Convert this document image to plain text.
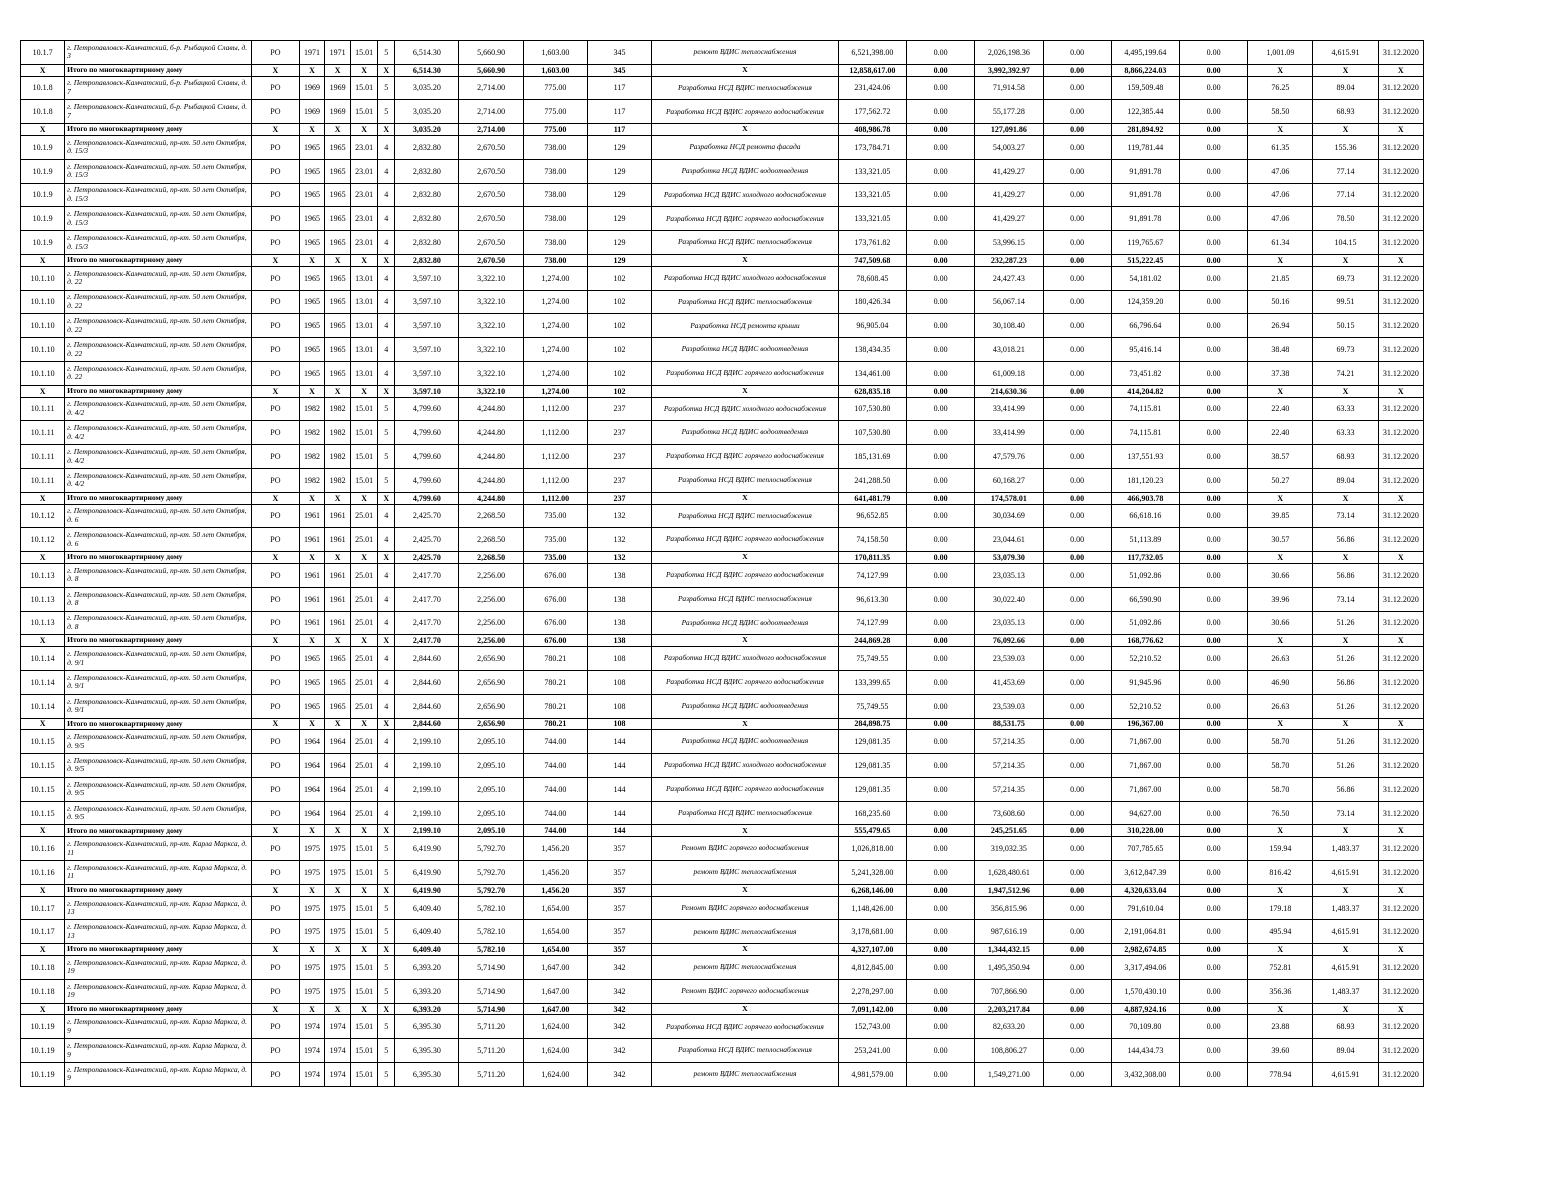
10.1.7	г. Петропавловск-Камчатский, б-р. Рыбацкой Славы, д. 3	РО	1971	1971	15.01	5	6,514.30	5,660.90	1,603.00	345	ремонт ВДИС теплоснабжения	6,521,398.00	0.00	2,026,198.36	0.00	4,495,199.64	0.00	1,001.09	4,615.91	31.12.2020
X	Итого по многоквартирному дому	X	X	X	X	X	6,514.30	5,660.90	1,603.00	345	X	12,858,617.00	0.00	3,992,392.97	0.00	8,866,224.03	0.00	X	X	X
10.1.8	г. Петропавловск-Камчатский, б-р. Рыбацкой Славы, д. 7	РО	1969	1969	15.01	5	3,035.20	2,714.00	775.00	117	Разработка НСД ВДИС теплоснабжения	231,424.06	0.00	71,914.58	0.00	159,509.48	0.00	76.25	89.04	31.12.2020
10.1.8	г. Петропавловск-Камчатский, б-р. Рыбацкой Славы, д. 7	РО	1969	1969	15.01	5	3,035.20	2,714.00	775.00	117	Разработка НСД ВДИС горячего водоснабжения	177,562.72	0.00	55,177.28	0.00	122,385.44	0.00	58.50	68.93	31.12.2020
X	Итого по многоквартирному дому	X	X	X	X	X	3,035.20	2,714.00	775.00	117	X	408,986.78	0.00	127,091.86	0.00	281,894.92	0.00	X	X	X
10.1.9	г. Петропавловск-Камчатский, пр-кт. 50 лет Октября, д. 15/3	РО	1965	1965	23.01	4	2,832.80	2,670.50	738.00	129	Разработка НСД ремонта фасада	173,784.71	0.00	54,003.27	0.00	119,781.44	0.00	61.35	155.36	31.12.2020
10.1.9	г. Петропавловск-Камчатский, пр-кт. 50 лет Октября, д. 15/3	РО	1965	1965	23.01	4	2,832.80	2,670.50	738.00	129	Разработка НСД ВДИС водоотведения	133,321.05	0.00	41,429.27	0.00	91,891.78	0.00	47.06	77.14	31.12.2020
10.1.9	г. Петропавловск-Камчатский, пр-кт. 50 лет Октября, д. 15/3	РО	1965	1965	23.01	4	2,832.80	2,670.50	738.00	129	Разработка НСД ВДИС холодного водоснабжения	133,321.05	0.00	41,429.27	0.00	91,891.78	0.00	47.06	77.14	31.12.2020
10.1.9	г. Петропавловск-Камчатский, пр-кт. 50 лет Октября, д. 15/3	РО	1965	1965	23.01	4	2,832.80	2,670.50	738.00	129	Разработка НСД ВДИС горячего водоснабжения	133,321.05	0.00	41,429.27	0.00	91,891.78	0.00	47.06	78.50	31.12.2020
10.1.9	г. Петропавловск-Камчатский, пр-кт. 50 лет Октября, д. 15/3	РО	1965	1965	23.01	4	2,832.80	2,670.50	738.00	129	Разработка НСД ВДИС теплоснабжения	173,761.82	0.00	53,996.15	0.00	119,765.67	0.00	61.34	104.15	31.12.2020
X	Итого по многоквартирному дому	X	X	X	X	X	2,832.80	2,670.50	738.00	129	X	747,509.68	0.00	232,287.23	0.00	515,222.45	0.00	X	X	X
10.1.10	г. Петропавловск-Камчатский, пр-кт. 50 лет Октября, д. 22	РО	1965	1965	13.01	4	3,597.10	3,322.10	1,274.00	102	Разработка НСД ВДИС холодного водоснабжения	78,608.45	0.00	24,427.43	0.00	54,181.02	0.00	21.85	69.73	31.12.2020
10.1.10	г. Петропавловск-Камчатский, пр-кт. 50 лет Октября, д. 22	РО	1965	1965	13.01	4	3,597.10	3,322.10	1,274.00	102	Разработка НСД ВДИС теплоснабжения	180,426.34	0.00	56,067.14	0.00	124,359.20	0.00	50.16	99.51	31.12.2020
10.1.10	г. Петропавловск-Камчатский, пр-кт. 50 лет Октября, д. 22	РО	1965	1965	13.01	4	3,597.10	3,322.10	1,274.00	102	Разработка НСД ремонта крыши	96,905.04	0.00	30,108.40	0.00	66,796.64	0.00	26.94	50.15	31.12.2020
10.1.10	г. Петропавловск-Камчатский, пр-кт. 50 лет Октября, д. 22	РО	1965	1965	13.01	4	3,597.10	3,322.10	1,274.00	102	Разработка НСД ВДИС водоотведения	138,434.35	0.00	43,018.21	0.00	95,416.14	0.00	38.48	69.73	31.12.2020
10.1.10	г. Петропавловск-Камчатский, пр-кт. 50 лет Октября, д. 22	РО	1965	1965	13.01	4	3,597.10	3,322.10	1,274.00	102	Разработка НСД ВДИС горячего водоснабжения	134,461.00	0.00	61,009.18	0.00	73,451.82	0.00	37.38	74.21	31.12.2020
X	Итого по многоквартирному дому	X	X	X	X	X	3,597.10	3,322.10	1,274.00	102	X	628,835.18	0.00	214,630.36	0.00	414,204.82	0.00	X	X	X
10.1.11	г. Петропавловск-Камчатский, пр-кт. 50 лет Октября, д. 4/2	РО	1982	1982	15.01	5	4,799.60	4,244.80	1,112.00	237	Разработка НСД ВДИС холодного водоснабжения	107,530.80	0.00	33,414.99	0.00	74,115.81	0.00	22.40	63.33	31.12.2020
10.1.11	г. Петропавловск-Камчатский, пр-кт. 50 лет Октября, д. 4/2	РО	1982	1982	15.01	5	4,799.60	4,244.80	1,112.00	237	Разработка НСД ВДИС водоотведения	107,530.80	0.00	33,414.99	0.00	74,115.81	0.00	22.40	63.33	31.12.2020
10.1.11	г. Петропавловск-Камчатский, пр-кт. 50 лет Октября, д. 4/2	РО	1982	1982	15.01	5	4,799.60	4,244.80	1,112.00	237	Разработка НСД ВДИС горячего водоснабжения	185,131.69	0.00	47,579.76	0.00	137,551.93	0.00	38.57	68.93	31.12.2020
10.1.11	г. Петропавловск-Камчатский, пр-кт. 50 лет Октября, д. 4/2	РО	1982	1982	15.01	5	4,799.60	4,244.80	1,112.00	237	Разработка НСД ВДИС теплоснабжения	241,288.50	0.00	60,168.27	0.00	181,120.23	0.00	50.27	89.04	31.12.2020
X	Итого по многоквартирному дому	X	X	X	X	X	4,799.60	4,244.80	1,112.00	237	X	641,481.79	0.00	174,578.01	0.00	466,903.78	0.00	X	X	X
10.1.12	г. Петропавловск-Камчатский, пр-кт. 50 лет Октября, д. 6	РО	1961	1961	25.01	4	2,425.70	2,268.50	735.00	132	Разработка НСД ВДИС теплоснабжения	96,652.85	0.00	30,034.69	0.00	66,618.16	0.00	39.85	73.14	31.12.2020
10.1.12	г. Петропавловск-Камчатский, пр-кт. 50 лет Октября, д. 6	РО	1961	1961	25.01	4	2,425.70	2,268.50	735.00	132	Разработка НСД ВДИС горячего водоснабжения	74,158.50	0.00	23,044.61	0.00	51,113.89	0.00	30.57	56.86	31.12.2020
X	Итого по многоквартирному дому	X	X	X	X	X	2,425.70	2,268.50	735.00	132	X	170,811.35	0.00	53,079.30	0.00	117,732.05	0.00	X	X	X
10.1.13	г. Петропавловск-Камчатский, пр-кт. 50 лет Октября, д. 8	РО	1961	1961	25.01	4	2,417.70	2,256.00	676.00	138	Разработка НСД ВДИС горячего водоснабжения	74,127.99	0.00	23,035.13	0.00	51,092.86	0.00	30.66	56.86	31.12.2020
10.1.13	г. Петропавловск-Камчатский, пр-кт. 50 лет Октября, д. 8	РО	1961	1961	25.01	4	2,417.70	2,256.00	676.00	138	Разработка НСД ВДИС теплоснабжения	96,613.30	0.00	30,022.40	0.00	66,590.90	0.00	39.96	73.14	31.12.2020
10.1.13	г. Петропавловск-Камчатский, пр-кт. 50 лет Октября, д. 8	РО	1961	1961	25.01	4	2,417.70	2,256.00	676.00	138	Разработка НСД ВДИС водоотведения	74,127.99	0.00	23,035.13	0.00	51,092.86	0.00	30.66	51.26	31.12.2020
X	Итого по многоквартирному дому	X	X	X	X	X	2,417.70	2,256.00	676.00	138	X	244,869.28	0.00	76,092.66	0.00	168,776.62	0.00	X	X	X
10.1.14	г. Петропавловск-Камчатский, пр-кт. 50 лет Октября, д. 9/1	РО	1965	1965	25.01	4	2,844.60	2,656.90	780.21	108	Разработка НСД ВДИС холодного водоснабжения	75,749.55	0.00	23,539.03	0.00	52,210.52	0.00	26.63	51.26	31.12.2020
10.1.14	г. Петропавловск-Камчатский, пр-кт. 50 лет Октября, д. 9/1	РО	1965	1965	25.01	4	2,844.60	2,656.90	780.21	108	Разработка НСД ВДИС горячего водоснабжения	133,399.65	0.00	41,453.69	0.00	91,945.96	0.00	46.90	56.86	31.12.2020
10.1.14	г. Петропавловск-Камчатский, пр-кт. 50 лет Октября, д. 9/1	РО	1965	1965	25.01	4	2,844.60	2,656.90	780.21	108	Разработка НСД ВДИС водоотведения	75,749.55	0.00	23,539.03	0.00	52,210.52	0.00	26.63	51.26	31.12.2020
X	Итого по многоквартирному дому	X	X	X	X	X	2,844.60	2,656.90	780.21	108	X	284,898.75	0.00	88,531.75	0.00	196,367.00	0.00	X	X	X
10.1.15	г. Петропавловск-Камчатский, пр-кт. 50 лет Октября, д. 9/5	РО	1964	1964	25.01	4	2,199.10	2,095.10	744.00	144	Разработка НСД ВДИС водоотведения	129,081.35	0.00	57,214.35	0.00	71,867.00	0.00	58.70	51.26	31.12.2020
10.1.15	г. Петропавловск-Камчатский, пр-кт. 50 лет Октября, д. 9/5	РО	1964	1964	25.01	4	2,199.10	2,095.10	744.00	144	Разработка НСД ВДИС холодного водоснабжения	129,081.35	0.00	57,214.35	0.00	71,867.00	0.00	58.70	51.26	31.12.2020
10.1.15	г. Петропавловск-Камчатский, пр-кт. 50 лет Октября, д. 9/5	РО	1964	1964	25.01	4	2,199.10	2,095.10	744.00	144	Разработка НСД ВДИС горячего водоснабжения	129,081.35	0.00	57,214.35	0.00	71,867.00	0.00	58.70	56.86	31.12.2020
10.1.15	г. Петропавловск-Камчатский, пр-кт. 50 лет Октября, д. 9/5	РО	1964	1964	25.01	4	2,199.10	2,095.10	744.00	144	Разработка НСД ВДИС теплоснабжения	168,235.60	0.00	73,608.60	0.00	94,627.00	0.00	76.50	73.14	31.12.2020
X	Итого по многоквартирному дому	X	X	X	X	X	2,199.10	2,095.10	744.00	144	X	555,479.65	0.00	245,251.65	0.00	310,228.00	0.00	X	X	X
10.1.16	г. Петропавловск-Камчатский, пр-кт. Карла Маркса, д. 11	РО	1975	1975	15.01	5	6,419.90	5,792.70	1,456.20	357	Ремонт ВДИС горячего водоснабжения	1,026,818.00	0.00	319,032.35	0.00	707,785.65	0.00	159.94	1,483.37	31.12.2020
10.1.16	г. Петропавловск-Камчатский, пр-кт. Карла Маркса, д. 11	РО	1975	1975	15.01	5	6,419.90	5,792.70	1,456.20	357	ремонт ВДИС теплоснабжения	5,241,328.00	0.00	1,628,480.61	0.00	3,612,847.39	0.00	816.42	4,615.91	31.12.2020
X	Итого по многоквартирному дому	X	X	X	X	X	6,419.90	5,792.70	1,456.20	357	X	6,268,146.00	0.00	1,947,512.96	0.00	4,320,633.04	0.00	X	X	X
10.1.17	г. Петропавловск-Камчатский, пр-кт. Карла Маркса, д. 13	РО	1975	1975	15.01	5	6,409.40	5,782.10	1,654.00	357	Ремонт ВДИС горячего водоснабжения	1,148,426.00	0.00	356,815.96	0.00	791,610.04	0.00	179.18	1,483.37	31.12.2020
10.1.17	г. Петропавловск-Камчатский, пр-кт. Карла Маркса, д. 13	РО	1975	1975	15.01	5	6,409.40	5,782.10	1,654.00	357	ремонт ВДИС теплоснабжения	3,178,681.00	0.00	987,616.19	0.00	2,191,064.81	0.00	495.94	4,615.91	31.12.2020
X	Итого по многоквартирному дому	X	X	X	X	X	6,409.40	5,782.10	1,654.00	357	X	4,327,107.00	0.00	1,344,432.15	0.00	2,982,674.85	0.00	X	X	X
10.1.18	г. Петропавловск-Камчатский, пр-кт. Карла Маркса, д. 19	РО	1975	1975	15.01	5	6,393.20	5,714.90	1,647.00	342	ремонт ВДИС теплоснабжения	4,812,845.00	0.00	1,495,350.94	0.00	3,317,494.06	0.00	752.81	4,615.91	31.12.2020
10.1.18	г. Петропавловск-Камчатский, пр-кт. Карла Маркса, д. 19	РО	1975	1975	15.01	5	6,393.20	5,714.90	1,647.00	342	Ремонт ВДИС горячего водоснабжения	2,278,297.00	0.00	707,866.90	0.00	1,570,430.10	0.00	356.36	1,483.37	31.12.2020
X	Итого по многоквартирному дому	X	X	X	X	X	6,393.20	5,714.90	1,647.00	342	X	7,091,142.00	0.00	2,203,217.84	0.00	4,887,924.16	0.00	X	X	X
10.1.19	г. Петропавловск-Камчатский, пр-кт. Карла Маркса, д. 9	РО	1974	1974	15.01	5	6,395.30	5,711.20	1,624.00	342	Разработка НСД ВДИС горячего водоснабжения	152,743.00	0.00	82,633.20	0.00	70,109.80	0.00	23.88	68.93	31.12.2020
10.1.19	г. Петропавловск-Камчатский, пр-кт. Карла Маркса, д. 9	РО	1974	1974	15.01	5	6,395.30	5,711.20	1,624.00	342	Разработка НСД ВДИС теплоснабжения	253,241.00	0.00	108,806.27	0.00	144,434.73	0.00	39.60	89.04	31.12.2020
10.1.19	г. Петропавловск-Камчатский, пр-кт. Карла Маркса, д. 9	РО	1974	1974	15.01	5	6,395.30	5,711.20	1,624.00	342	ремонт ВДИС теплоснабжения	4,981,579.00	0.00	1,549,271.00	0.00	3,432,308.00	0.00	778.94	4,615.91	31.12.2020
